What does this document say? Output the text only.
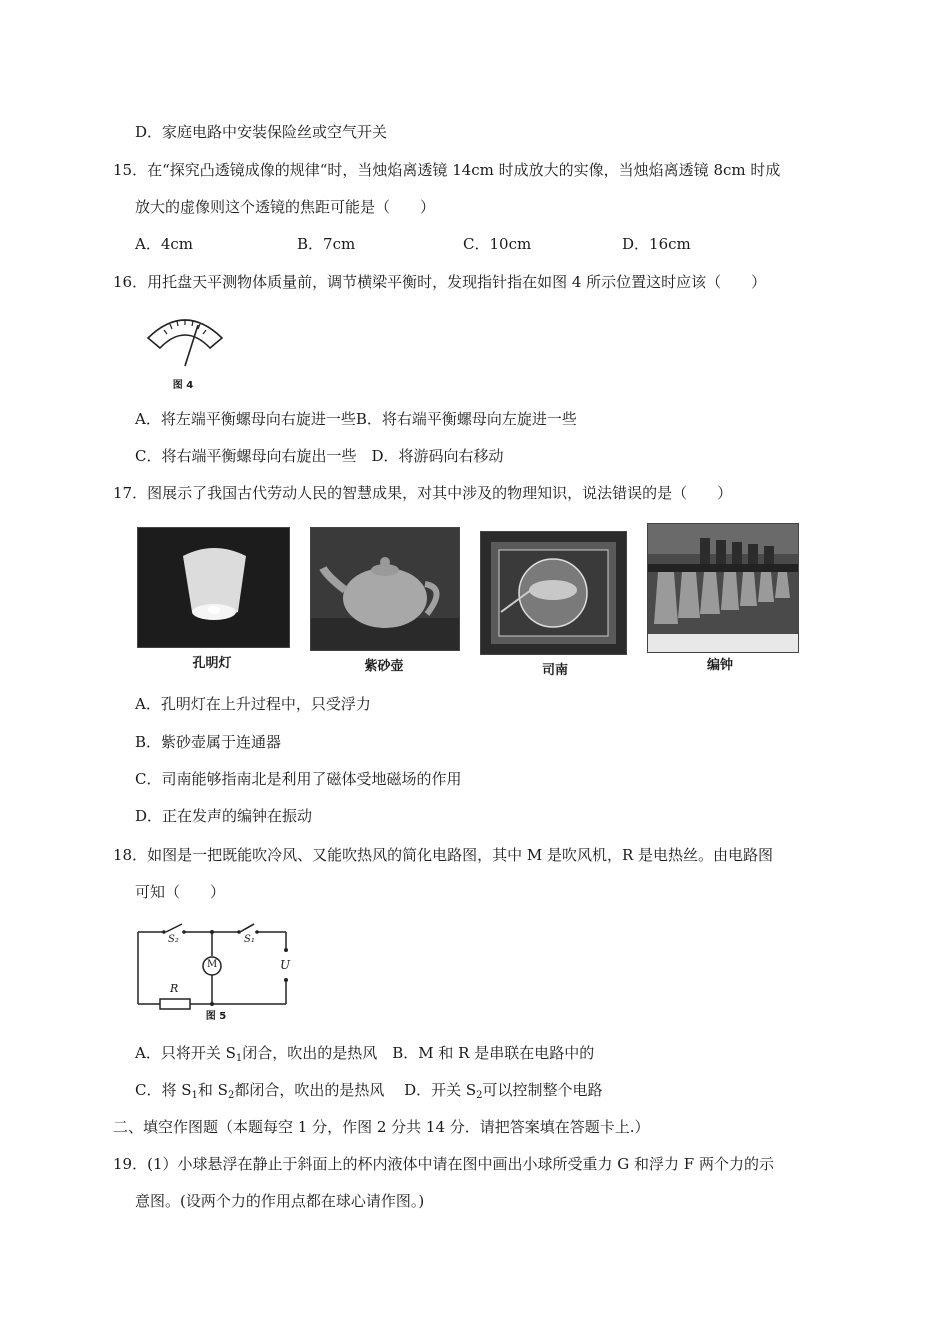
D．家庭电路中安装保险丝或空气开关
15．在“探究凸透镜成像的规律“时，当烛焰离透镜 14cm 时成放大的实像，当烛焰离透镜 8cm 时成
放大的虚像则这个透镜的焦距可能是（　　）
A．4cm	B．7cm	C．10cm	D．16cm
16．用托盘天平测物体质量前，调节横梁平衡时，发现指针指在如图 4 所示位置这时应该（　　）
图 4
A．将左端平衡螺母向右旋进一些B．将右端平衡螺母向左旋进一些
C．将右端平衡螺母向右旋出一些　D．将游码向右移动
17．图展示了我国古代劳动人民的智慧成果，对其中涉及的物理知识，说法错误的是（　　）
孔明灯	紫砂壶	司南	编钟
A．孔明灯在上升过程中，只受浮力
B．紫砂壶属于连通器
C．司南能够指南北是利用了磁体受地磁场的作用
D．正在发声的编钟在振动
18．如图是一把既能吹冷风、又能吹热风的简化电路图，其中 M 是吹风机，R 是电热丝。由电路图
可知（　　）
S₂	S₁
M	U
R
图 5
A．只将开关 $S_1$闭合，吹出的是热风　B．M 和 R 是串联在电路中的
C．将 $S_1$和 $S_2$都闭合，吹出的是热风　 D．开关 $S_2$可以控制整个电路
二、填空作图题（本题每空 1 分，作图 2 分共 14 分．请把答案填在答题卡上.）
19．(1）小球悬浮在静止于斜面上的杯内液体中请在图中画出小球所受重力 G 和浮力 F 两个力的示
意图。(设两个力的作用点都在球心请作图。)
